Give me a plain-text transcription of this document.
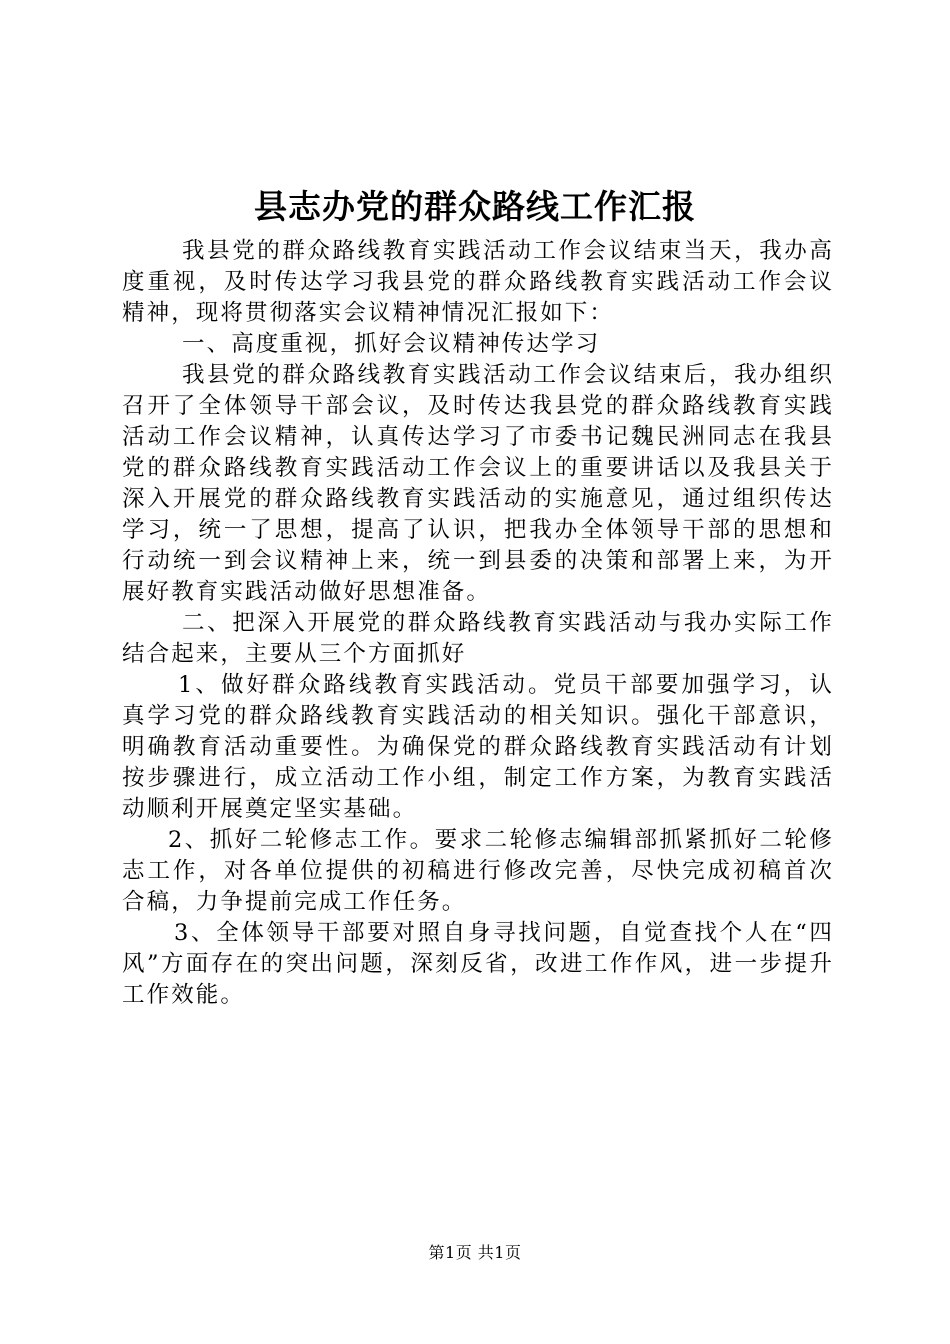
县志办党的群众路线工作汇报

我县党的群众路线教育实践活动工作会议结束当天，我办高度重视，及时传达学习我县党的群众路线教育实践活动工作会议精神，现将贯彻落实会议精神情况汇报如下：

一、高度重视，抓好会议精神传达学习

我县党的群众路线教育实践活动工作会议结束后，我办组织召开了全体领导干部会议，及时传达我县党的群众路线教育实践活动工作会议精神，认真传达学习了市委书记魏民洲同志在我县党的群众路线教育实践活动工作会议上的重要讲话以及我县关于深入开展党的群众路线教育实践活动的实施意见，通过组织传达学习，统一了思想，提高了认识，把我办全体领导干部的思想和行动统一到会议精神上来，统一到县委的决策和部署上来，为开展好教育实践活动做好思想准备。

二、把深入开展党的群众路线教育实践活动与我办实际工作结合起来，主要从三个方面抓好

1、做好群众路线教育实践活动。党员干部要加强学习，认真学习党的群众路线教育实践活动的相关知识。强化干部意识，明确教育活动重要性。为确保党的群众路线教育实践活动有计划按步骤进行，成立活动工作小组，制定工作方案，为教育实践活动顺利开展奠定坚实基础。

2、抓好二轮修志工作。要求二轮修志编辑部抓紧抓好二轮修志工作，对各单位提供的初稿进行修改完善，尽快完成初稿首次合稿，力争提前完成工作任务。

3、全体领导干部要对照自身寻找问题，自觉查找个人在“四风”方面存在的突出问题，深刻反省，改进工作作风，进一步提升工作效能。

第1页 共1页
